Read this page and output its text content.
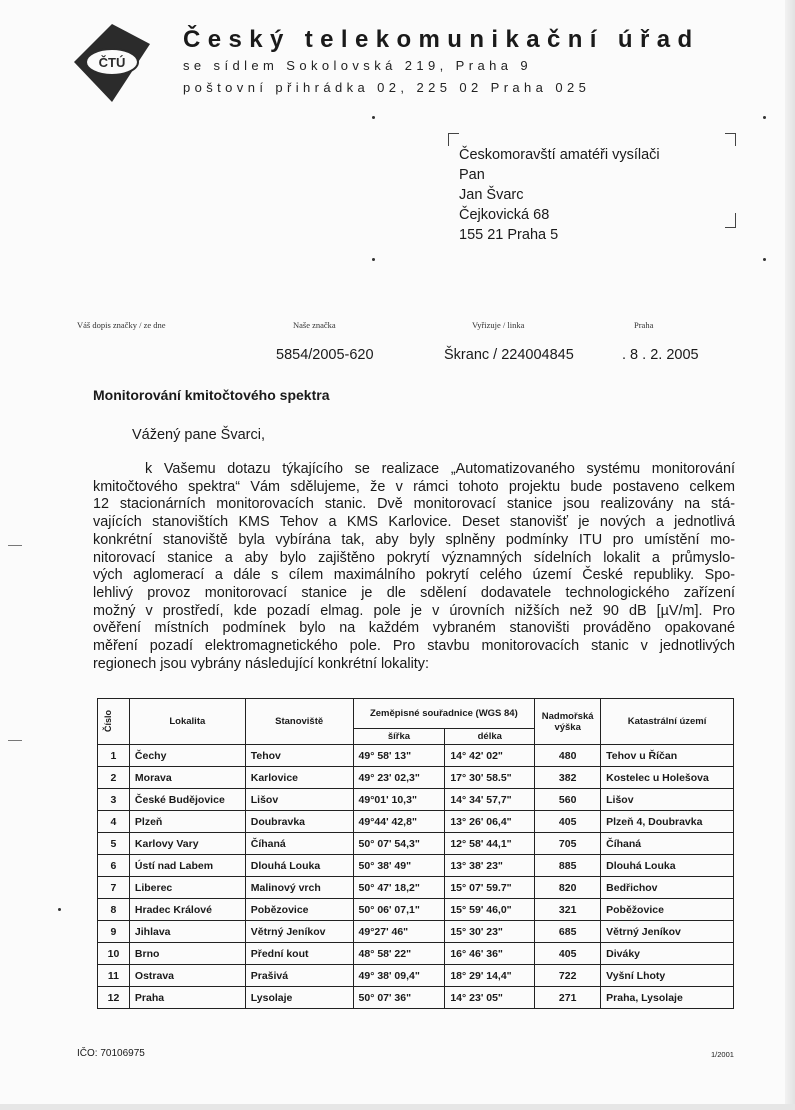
ČTÚ
Český telekomunikační úřad
se sídlem Sokolovská 219, Praha 9
poštovní přihrádka 02, 225 02 Praha 025
Českomoravští amatéři vysílači
Pan
Jan Švarc
Čejkovická 68
155 21 Praha 5
Váš dopis značky / ze dne	Naše značka	Vyřizuje / linka	Praha
5854/2005-620	Škranc / 224004845	. 8 . 2. 2005
Monitorování kmitočtového spektra
Vážený pane Švarci,
k Vašemu dotazu týkajícího se realizace „Automatizovaného systému monitorování
kmitočtového spektra“ Vám sdělujeme, že v rámci tohoto projektu bude postaveno celkem
12 stacionárních monitorovacích stanic. Dvě monitorovací stanice jsou realizovány na stá-
vajících stanovištích KMS Tehov a KMS Karlovice. Deset stanovišť je nových a jednotlivá
konkrétní stanoviště byla vybírána tak, aby byly splněny podmínky ITU pro umístění mo-
nitorovací stanice a aby bylo zajištěno pokrytí významných sídelních lokalit a průmyslo-
vých aglomerací a dále s cílem maximálního pokrytí celého území České republiky. Spo-
lehlivý provoz monitorovací stanice je dle sdělení dodavatele technologického zařízení
možný v prostředí, kde pozadí elmag. pole je v úrovních nižších než 90 dB [µV/m]. Pro
ověření místních podmínek bylo na každém vybraném stanovišti prováděno opakované
měření pozadí elektromagnetického pole. Pro stavbu monitorovacích stanic v jednotlivých
regionech jsou vybrány následující konkrétní lokality:
Číslo	Lokalita	Stanoviště	Zeměpisné souřadnice (WGS 84)		Nadmořská výška	Katastrální území
			šířka	délka		
1	Čechy	Tehov	49° 58' 13"	14° 42' 02"	480	Tehov u Říčan
2	Morava	Karlovice	49° 23' 02,3"	17° 30' 58.5"	382	Kostelec u Holešova
3	České Budějovice	Lišov	49°01' 10,3"	14° 34' 57,7"	560	Lišov
4	Plzeň	Doubravka	49°44' 42,8"	13° 26' 06,4"	405	Plzeň 4, Doubravka
5	Karlovy Vary	Číhaná	50° 07' 54,3"	12° 58' 44,1"	705	Číhaná
6	Ústí nad Labem	Dlouhá Louka	50° 38' 49"	13° 38' 23"	885	Dlouhá Louka
7	Liberec	Malinový vrch	50° 47' 18,2"	15° 07' 59.7"	820	Bedřichov
8	Hradec Králové	Pobězovice	50° 06' 07,1"	15° 59' 46,0"	321	Poběžovice
9	Jihlava	Větrný Jeníkov	49°27' 46"	15° 30' 23"	685	Větrný Jeníkov
10	Brno	Přední kout	48° 58' 22"	16° 46' 36"	405	Diváky
11	Ostrava	Prašivá	49° 38' 09,4"	18° 29' 14,4"	722	Vyšní Lhoty
12	Praha	Lysolaje	50° 07' 36"	14° 23' 05"	271	Praha, Lysolaje
IČO: 70106975	1/2001
